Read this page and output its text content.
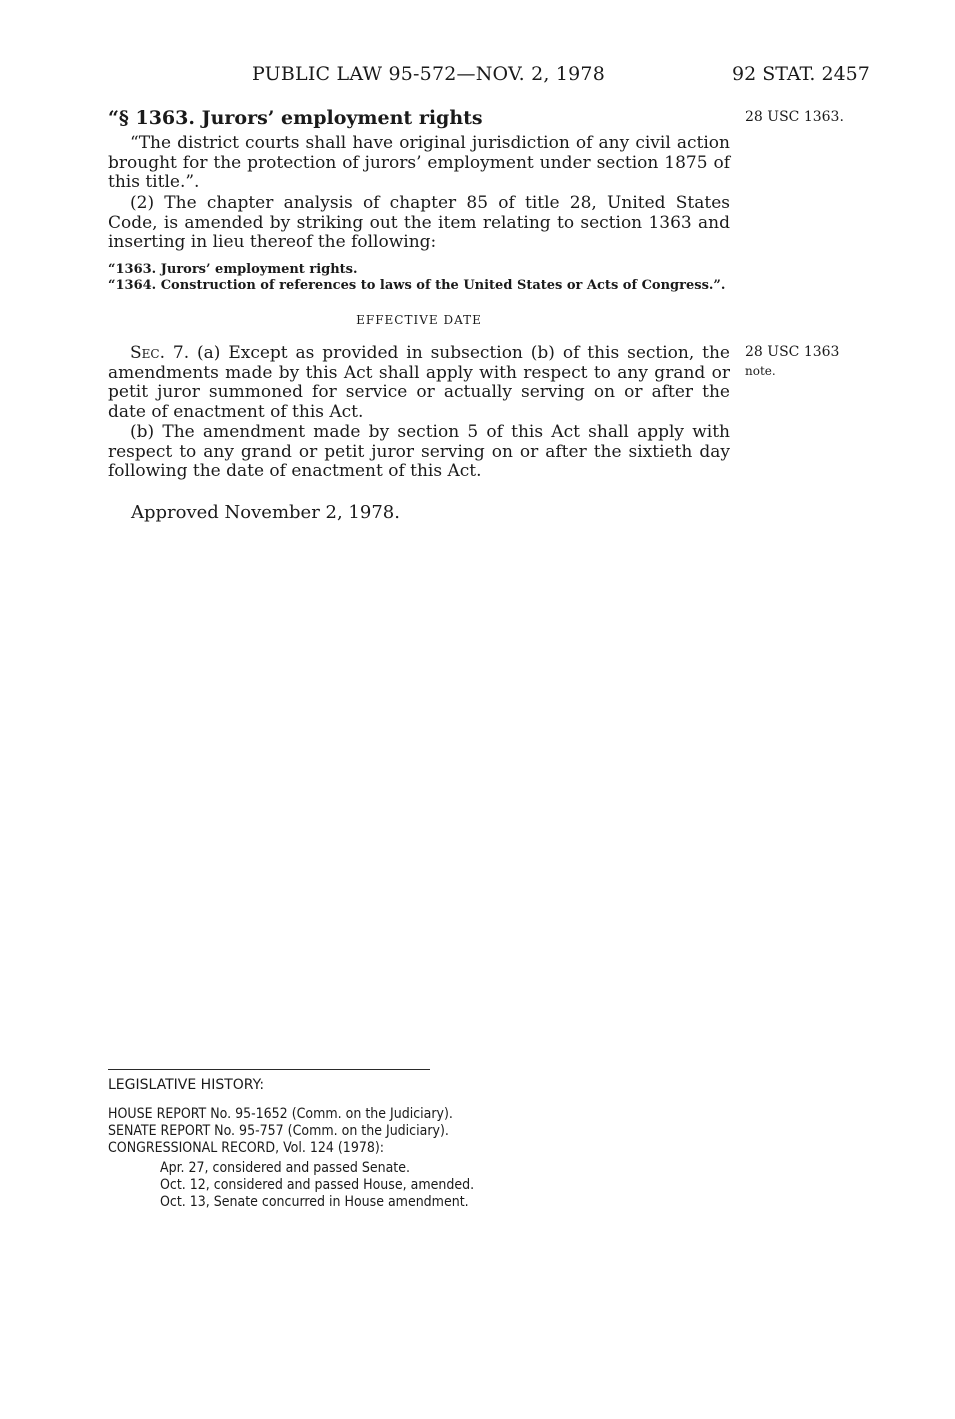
PUBLIC LAW 95-572—NOV. 2, 1978	92 STAT. 2457
28 USC 1363.
28 USC 1363
note.
“§ 1363. Jurors’ employment rights
“The district courts shall have original jurisdiction of any civil action brought for the protection of jurors’ employment under section 1875 of this title.”.
(2) The chapter analysis of chapter 85 of title 28, United States Code, is amended by striking out the item relating to section 1363 and inserting in lieu thereof the following:
“1363. Jurors’ employment rights.
“1364. Construction of references to laws of the United States or Acts of Congress.”.
EFFECTIVE DATE
Sec. 7. (a) Except as provided in subsection (b) of this section, the amendments made by this Act shall apply with respect to any grand or petit juror summoned for service or actually serving on or after the date of enactment of this Act.
(b) The amendment made by section 5 of this Act shall apply with respect to any grand or petit juror serving on or after the sixtieth day following the date of enactment of this Act.
Approved November 2, 1978.
LEGISLATIVE HISTORY:
HOUSE REPORT No. 95-1652 (Comm. on the Judiciary).
SENATE REPORT No. 95-757 (Comm. on the Judiciary).
CONGRESSIONAL RECORD, Vol. 124 (1978):
Apr. 27, considered and passed Senate.
Oct. 12, considered and passed House, amended.
Oct. 13, Senate concurred in House amendment.
